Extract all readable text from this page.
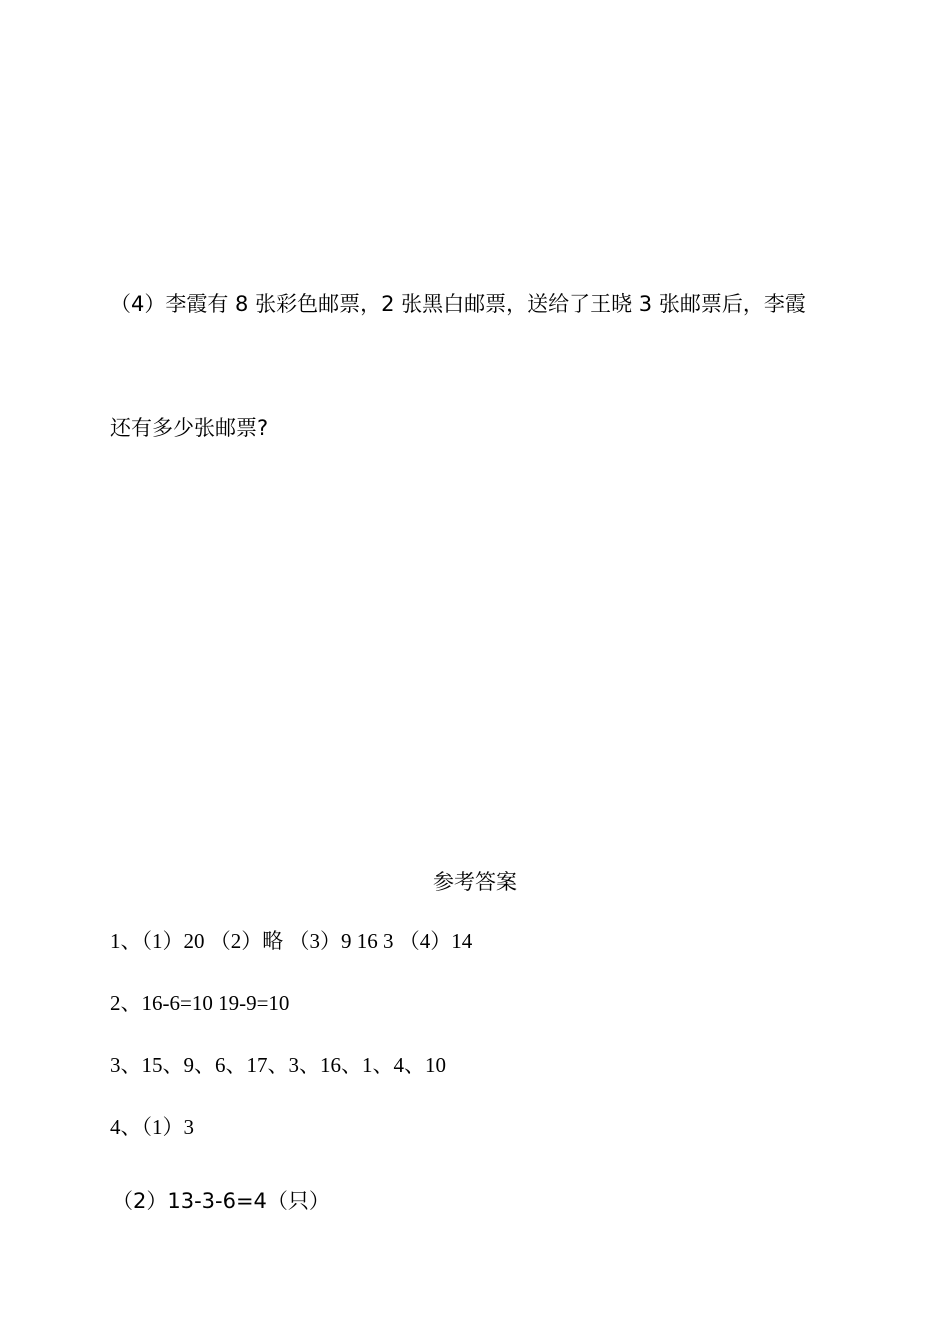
（4）李霞有 8 张彩色邮票，2 张黑白邮票，送给了王晓 3 张邮票后，李霞
还有多少张邮票?
参考答案
1、（1）20 （2）略 （3）9 16 3 （4）14
2、16-6=10 19-9=10
3、15、9、6、17、3、16、1、4、10
4、（1）3
（2）13-3-6=4（只）
